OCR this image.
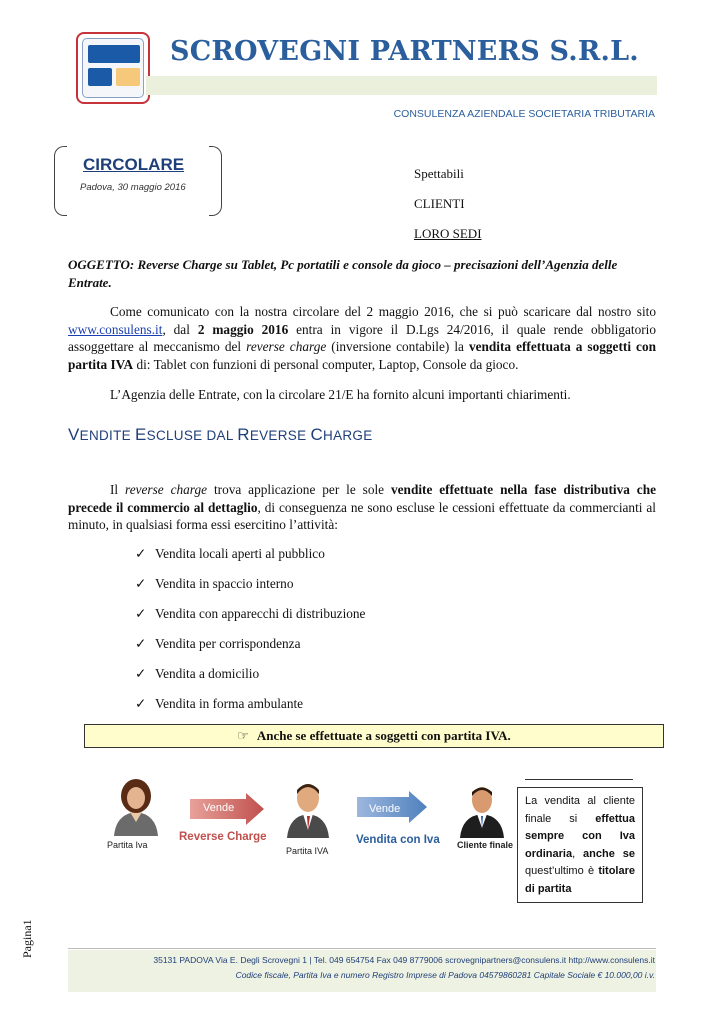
SCROVEGNI PARTNERS S.R.L.
CONSULENZA AZIENDALE SOCIETARIA TRIBUTARIA
CIRCOLARE
Padova, 30 maggio 2016
Spettabili
CLIENTI
LORO SEDI
OGGETTO: Reverse Charge su Tablet, Pc portatili e console da gioco – precisazioni dell’Agenzia delle Entrate.

Come comunicato con la nostra circolare del 2 maggio 2016, che si può scaricare dal nostro sito www.consulens.it, dal 2 maggio 2016 entra in vigore il D.Lgs 24/2016, il quale rende obbligatorio assoggettare al meccanismo del reverse charge (inversione contabile) la vendita effettuata a soggetti con partita IVA di: Tablet con funzioni di personal computer, Laptop, Console da gioco.

L’Agenzia delle Entrate, con la circolare 21/E ha fornito alcuni importanti chiarimenti.

VENDITE ESCLUSE DAL REVERSE CHARGE

Il reverse charge trova applicazione per le sole vendite effettuate nella fase distributiva che precede il commercio al dettaglio, di conseguenza ne sono escluse le cessioni effettuate da commercianti al minuto, in qualsiasi forma essi esercitino l’attività:

✓ Vendita locali aperti al pubblico
✓ Vendita in spaccio interno
✓ Vendita con apparecchi di distribuzione
✓ Vendita per corrispondenza
✓ Vendita a domicilio
✓ Vendita in forma ambulante
☞ Anche se effettuate a soggetti con partita IVA.
Partita Iva
Vende
Reverse Charge
Partita IVA
Vende
Vendita con Iva Cliente finale
La vendita al cliente finale si effettua sempre con Iva ordinaria, anche se quest’ultimo è titolare di partita
Pagina1
35131 PADOVA Via E. Degli Scrovegni 1 | Tel. 049 654754 Fax 049 8779006 scrovegnipartners@consulens.it http://www.consulens.it
Codice fiscale, Partita Iva e numero Registro Imprese di Padova 04579860281 Capitale Sociale € 10.000,00 i.v.
